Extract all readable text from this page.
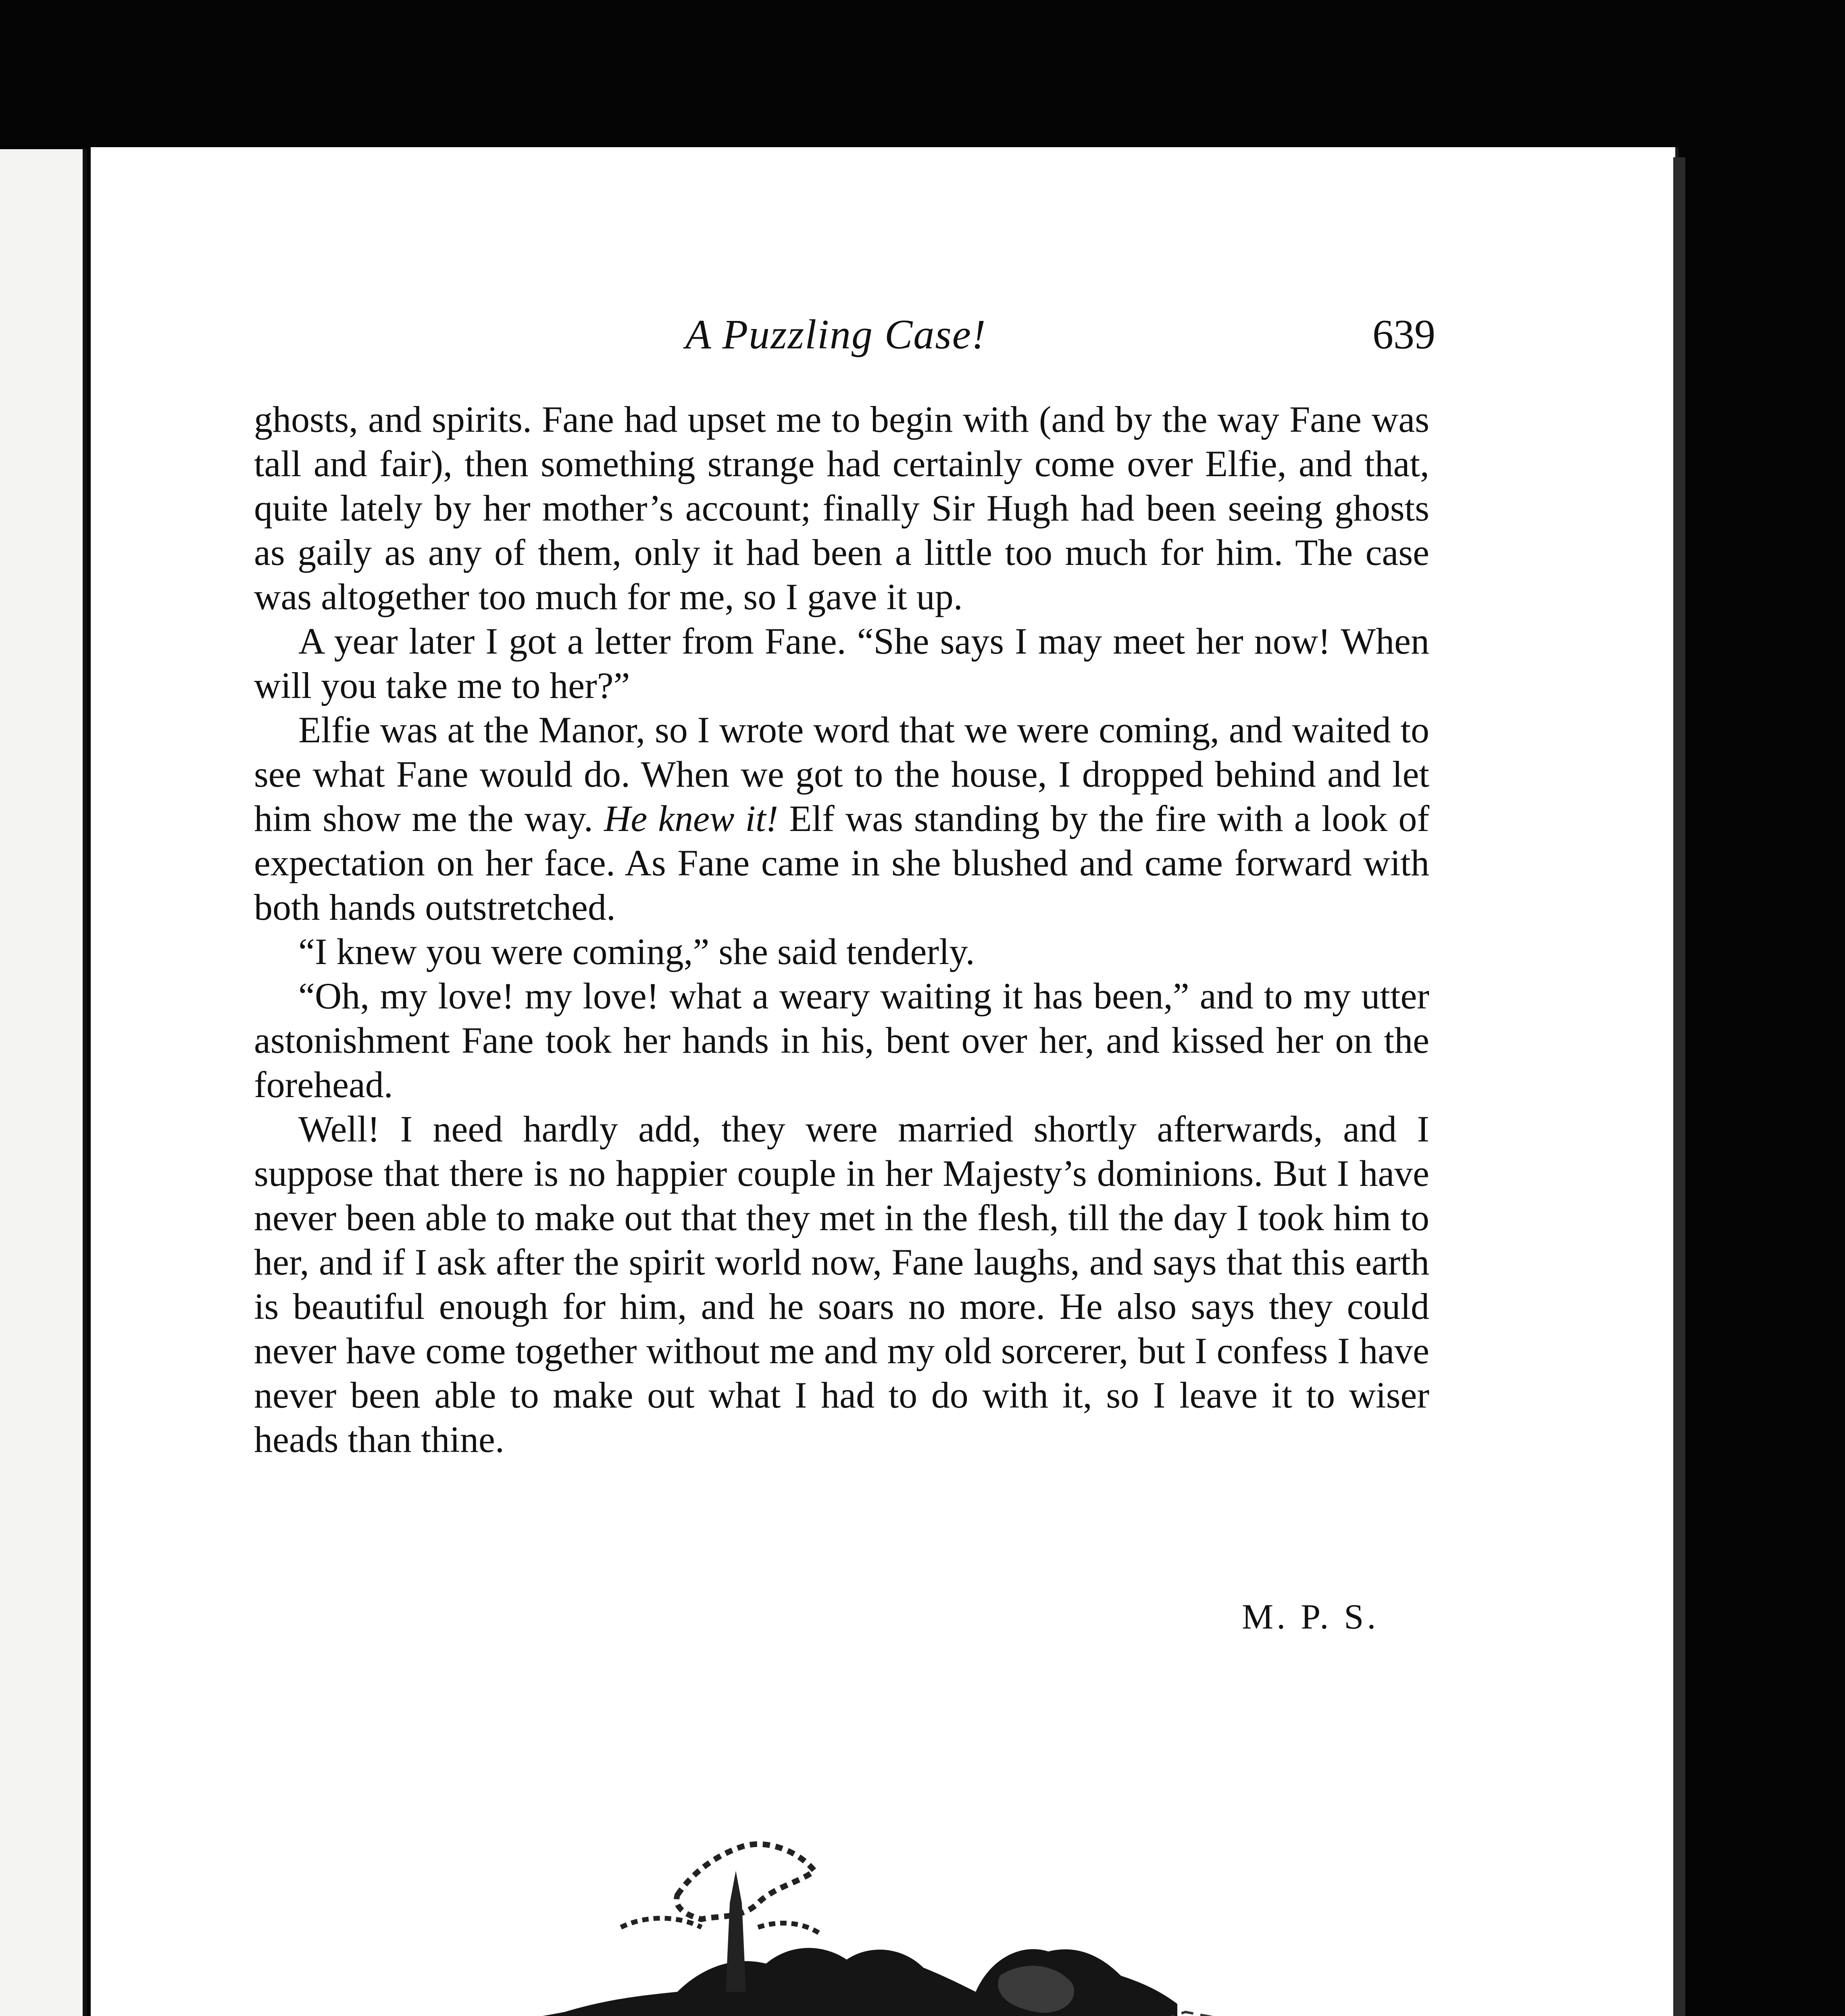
A Puzzling Case!	639

ghosts, and spirits. Fane had upset me to begin with (and by the way Fane was tall and fair), then something strange had certainly come over Elfie, and that, quite lately by her mother’s account; finally Sir Hugh had been seeing ghosts as gaily as any of them, only it had been a little too much for him. The case was altogether too much for me, so I gave it up.

A year later I got a letter from Fane. “She says I may meet her now! When will you take me to her?”

Elfie was at the Manor, so I wrote word that we were coming, and waited to see what Fane would do. When we got to the house, I dropped behind and let him show me the way. He knew it! Elf was standing by the fire with a look of expectation on her face. As Fane came in she blushed and came forward with both hands outstretched.

“I knew you were coming,” she said tenderly.

“Oh, my love! my love! what a weary waiting it has been,” and to my utter astonishment Fane took her hands in his, bent over her, and kissed her on the forehead.

Well! I need hardly add, they were married shortly afterwards, and I suppose that there is no happier couple in her Majesty’s dominions. But I have never been able to make out that they met in the flesh, till the day I took him to her, and if I ask after the spirit world now, Fane laughs, and says that this earth is beautiful enough for him, and he soars no more. He also says they could never have come together without me and my old sorcerer, but I confess I have never been able to make out what I had to do with it, so I leave it to wiser heads than thine.

M. P. S.
